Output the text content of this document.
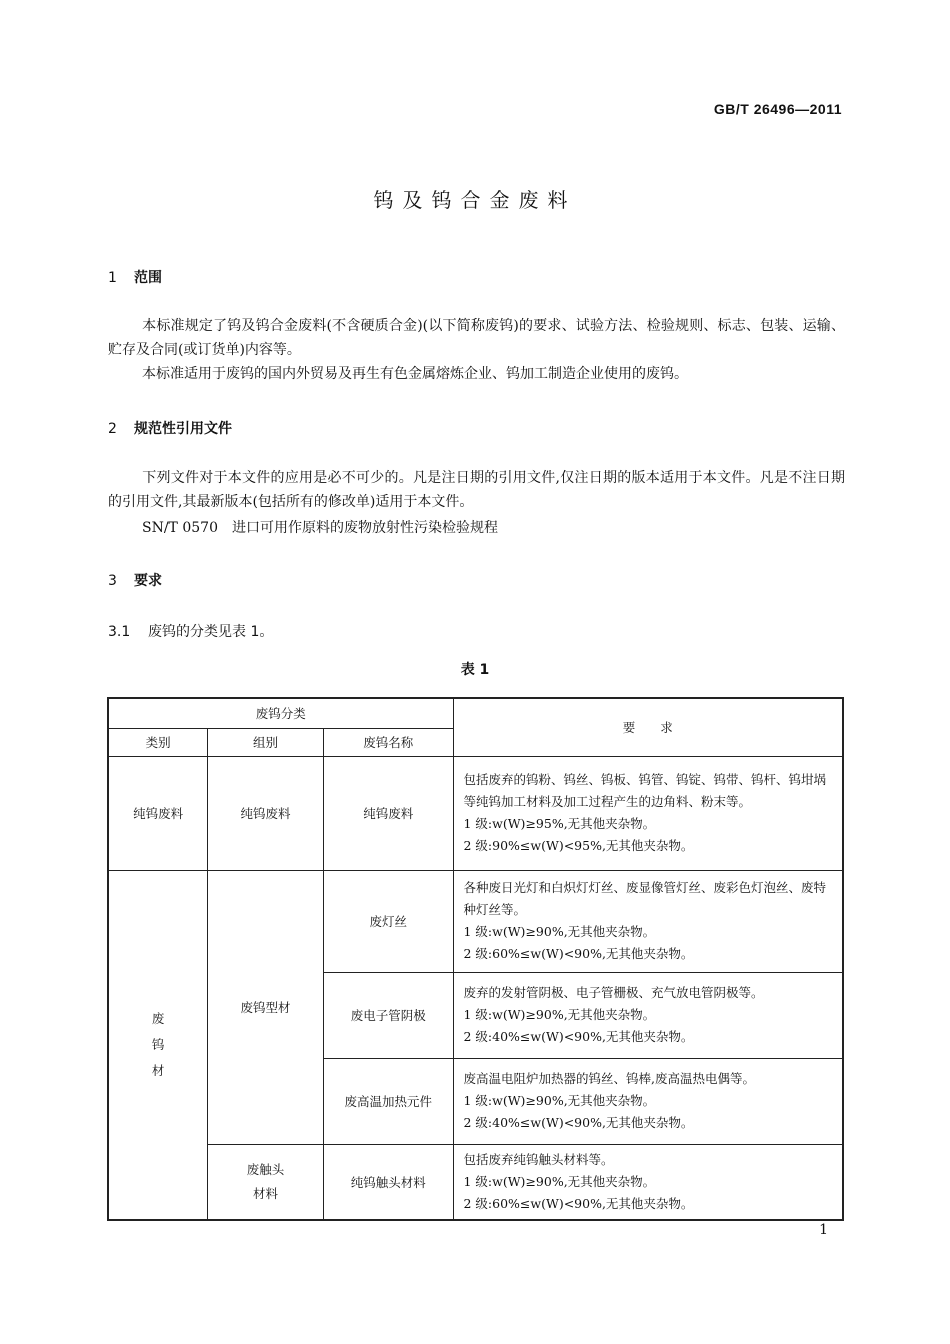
GB/T 26496—2011
钨及钨合金废料
1 范围
本标准规定了钨及钨合金废料(不含硬质合金)(以下简称废钨)的要求、试验方法、检验规则、标志、包装、运输、贮存及合同(或订货单)内容等。
本标准适用于废钨的国内外贸易及再生有色金属熔炼企业、钨加工制造企业使用的废钨。
2 规范性引用文件
下列文件对于本文件的应用是必不可少的。凡是注日期的引用文件,仅注日期的版本适用于本文件。凡是不注日期的引用文件,其最新版本(包括所有的修改单)适用于本文件。
SN/T 0570　进口可用作原料的废物放射性污染检验规程
3 要求
3.1 废钨的分类见表 1。
表 1
废钨分类			要　　求
类别	组别	废钨名称	
纯钨废料	纯钨废料	纯钨废料	包括废弃的钨粉、钨丝、钨板、钨管、钨锭、钨带、钨杆、钨坩埚等纯钨加工材料及加工过程产生的边角料、粉末等。
1 级:w(W)≥95%,无其他夹杂物。
2 级:90%≤w(W)<95%,无其他夹杂物。

废钨材	废钨型材	废灯丝	各种废日光灯和白炽灯灯丝、废显像管灯丝、废彩色灯泡丝、废特种灯丝等。
1 级:w(W)≥90%,无其他夹杂物。
2 级:60%≤w(W)<90%,无其他夹杂物。

		废电子管阴极	废弃的发射管阴极、电子管栅极、充气放电管阴极等。
1 级:w(W)≥90%,无其他夹杂物。
2 级:40%≤w(W)<90%,无其他夹杂物。

		废高温加热元件	废高温电阻炉加热器的钨丝、钨棒,废高温热电偶等。
1 级:w(W)≥90%,无其他夹杂物。
2 级:40%≤w(W)<90%,无其他夹杂物。

	废触头材料	纯钨触头材料	包括废弃纯钨触头材料等。
1 级:w(W)≥90%,无其他夹杂物。
2 级:60%≤w(W)<90%,无其他夹杂物。
1
